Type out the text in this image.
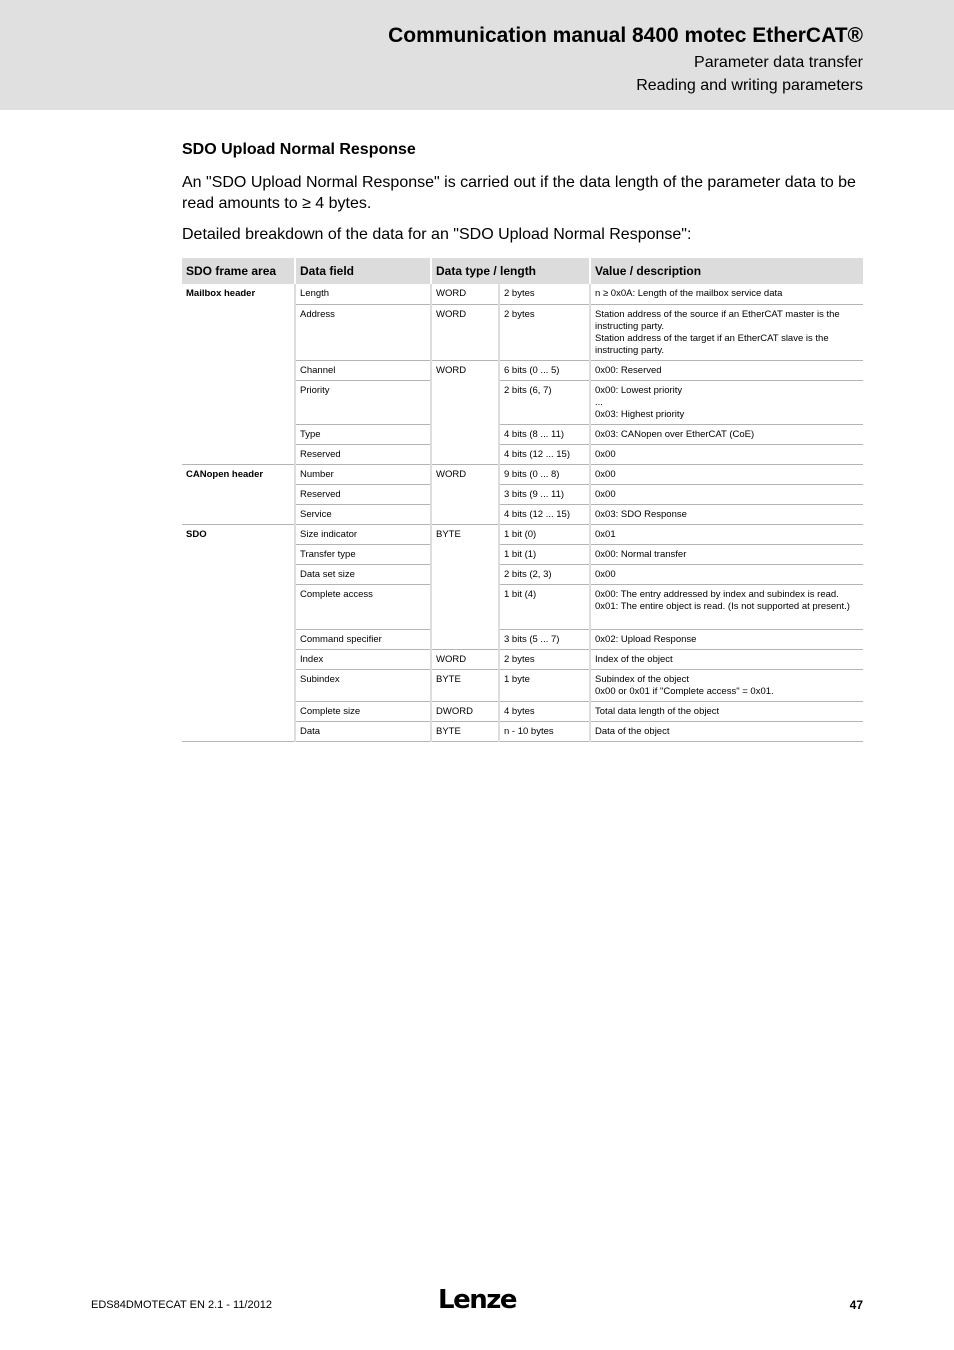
Communication manual 8400 motec EtherCAT®
Parameter data transfer
Reading and writing parameters
SDO Upload Normal Response
An "SDO Upload Normal Response" is carried out if the data length of the parameter data to be read amounts to ≥ 4 bytes.
Detailed breakdown of the data for an "SDO Upload Normal Response":
SDO frame area	Data field	Data type / length		Value / description
Mailbox header	Length	WORD	2 bytes	n ≥ 0x0A: Length of the mailbox service data

	Address	WORD	2 bytes	Station address of the source if an EtherCAT master is the instructing party.
Station address of the target if an EtherCAT slave is the instructing party.

	Channel	WORD	6 bits (0 ... 5)	0x00: Reserved

	Priority		2 bits (6, 7)	0x00: Lowest priority
...
0x03: Highest priority

	Type		4 bits (8 ... 11)	0x03: CANopen over EtherCAT (CoE)

	Reserved		4 bits (12 ... 15)	0x00

CANopen header	Number	WORD	9 bits (0 ... 8)	0x00

	Reserved		3 bits (9 ... 11)	0x00

	Service		4 bits (12 ... 15)	0x03: SDO Response

SDO	Size indicator	BYTE	1 bit (0)	0x01

	Transfer type		1 bit (1)	0x00: Normal transfer

	Data set size		2 bits (2, 3)	0x00

	Complete access		1 bit (4)	0x00: The entry addressed by index and subindex is read.
0x01: The entire object is read. (Is not supported at present.)

	Command specifier		3 bits (5 ... 7)	0x02: Upload Response

	Index	WORD	2 bytes	Index of the object

	Subindex	BYTE	1 byte	Subindex of the object
0x00 or 0x01 if "Complete access" = 0x01.

	Complete size	DWORD	4 bytes	Total data length of the object

	Data	BYTE	n - 10 bytes	Data of the object
EDS84DMOTECAT EN 2.1 - 11/2012	Lenze	47
